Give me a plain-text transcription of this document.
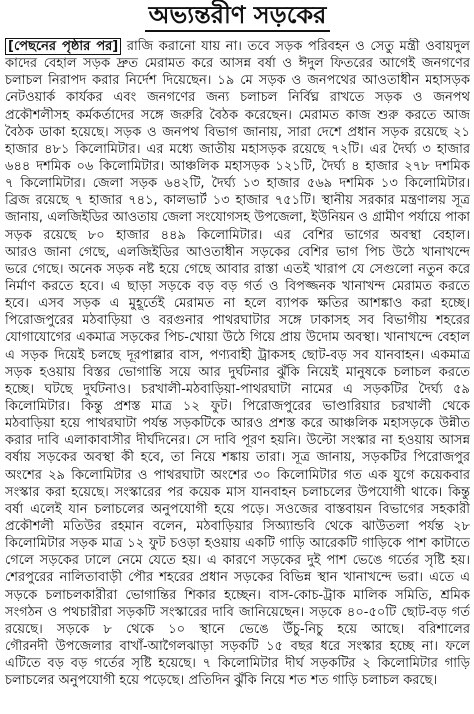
অভ্যন্তরীণ সড়কের
[পেছনের পৃষ্ঠার পর] রাজি করানো যায় না। তবে সড়ক পরিবহন ও সেতু মন্ত্রী ওবায়দুল
কাদের বেহাল সড়ক দ্রুত মেরামত করে আসন্ন বর্ষা ও ঈদুল ফিতরের আগেই জনগণের
চলাচল নিরাপদ করার নির্দেশ দিয়েছেন। ১৯ মে সড়ক ও জনপথের আওতাধীন মহাসড়ক
নেটওয়ার্ক কার্যকর এবং জনগণের জন্য চলাচল নির্বিঘ্ন রাখতে সড়ক ও জনপথ
প্রকৌশলীসহ কর্মকর্তাদের সঙ্গে জরুরি বৈঠক করেছেন। মেরামত কাজ শুরু করতে আজ
বৈঠক ডাকা হয়েছে। সড়ক ও জনপথ বিভাগ জানায়, সারা দেশে প্রধান সড়ক রয়েছে ২১
হাজার ৪৮১ কিলোমিটার। এর মধ্যে জাতীয় মহাসড়ক রয়েছে ৭২টি। এর দৈর্ঘ্য ৩ হাজার
৬৪৪ দশমিক ০৬ কিলোমিটার। আঞ্চলিক মহাসড়ক ১২১টি, দৈর্ঘ্য ৪ হাজার ২৭৮ দশমিক
৭ কিলোমিটার। জেলা সড়ক ৬৪২টি, দৈর্ঘ্য ১৩ হাজার ৫৬৯ দশমিক ১৩ কিলোমিটার।
ব্রিজ রয়েছে ৭ হাজার ৭৪১, কালভার্ট ১৩ হাজার ৭৫১টি। স্থানীয় সরকার মন্ত্রণালয় সূত্র
জানায়, এলজিইডির আওতায় জেলা সংযোগসহ উপজেলা, ইউনিয়ন ও গ্রামীণ পর্যায়ে পাকা
সড়ক রয়েছে ৮০ হাজার ৪৪৯ কিলোমিটার। এর বেশির ভাগের অবস্থা বেহাল।
আরও জানা গেছে, এলজিইডির আওতাধীন সড়কের বেশির ভাগ পিচ উঠে খানাখন্দে
ভরে গেছে। অনেক সড়ক নষ্ট হয়ে গেছে আবার রাস্তা এতই খারাপ যে সেগুলো নতুন করে
নির্মাণ করতে হবে। এ ছাড়া সড়কে বড় বড় গর্ত ও বিপজ্জনক খানাখন্দ মেরামত করতে
হবে। এসব সড়ক এ মুহূর্তেই মেরামত না হলে ব্যাপক ক্ষতির আশঙ্কাও করা হচ্ছে।
পিরোজপুরের মঠবাড়িয়া ও বরগুনার পাথরঘাটার সঙ্গে ঢাকাসহ সব বিভাগীয় শহরের
যোগাযোগের একমাত্র সড়কের পিচ-খোয়া উঠে গিয়ে প্রায় উদোম অবস্থা। খানাখন্দে বেহাল
এ সড়ক দিয়েই চলছে দূরপাল্লার বাস, পণ্যবাহী ট্রাকসহ ছোট-বড় সব যানবাহন। একমাত্র
সড়ক হওয়ায় বিস্তর ভোগান্তি সয়ে আর দুর্ঘটনার ঝুঁকি নিয়েই মানুষকে চলাচল করতে
হচ্ছে। ঘটছে দুর্ঘটনাও। চরখালী-মঠবাড়িয়া-পাথরঘাটা নামের এ সড়কটির দৈর্ঘ্য ৫৯
কিলোমিটার। কিন্তু প্রশস্ত মাত্র ১২ ফুট। পিরোজপুরের ভাণ্ডারিয়ার চরখালী থেকে
মঠবাড়িয়া হয়ে পাথরঘাটা পর্যন্ত সড়কটিকে আরও প্রশস্ত করে আঞ্চলিক মহাসড়কে উন্নীত
করার দাবি এলাকাবাসীর দীর্ঘদিনের। সে দাবি পূরণ হয়নি। উল্টো সংস্কার না হওয়ায় আসন্ন
বর্ষায় সড়কের অবস্থা কী হবে, তা নিয়ে শঙ্কায় তারা। সূত্র জানায়, সড়কটির পিরোজপুর
অংশের ২৯ কিলোমিটার ও পাথরঘাটা অংশের ৩০ কিলোমিটার গত এক যুগে কয়েকবার
সংস্কার করা হয়েছে। সংস্কারের পর কয়েক মাস যানবাহন চলাচলের উপযোগী থাকে। কিন্তু
বর্ষা এলেই যান চলাচলের অনুপযোগী হয়ে পড়ে। সওজের বাস্তবায়ন বিভাগের সহকারী
প্রকৌশলী মতিউর রহমান বলেন, মঠবাড়িয়ার সিঅ্যান্ডবি থেকে ঝাউতলা পর্যন্ত ২৮
কিলোমিটার সড়ক মাত্র ১২ ফুট চওড়া হওয়ায় একটি গাড়ি আরেকটি গাড়িকে পাশ কাটাতে
গেলে সড়কের ঢালে নেমে যেতে হয়। এ কারণে সড়কের দুই পাশ ভেঙে গর্তের সৃষ্টি হয়।
শেরপুরের নালিতাবাড়ী পৌর শহরের প্রধান সড়কের বিভিন্ন স্থান খানাখন্দে ভরা। এতে এ
সড়কে চলাচলকারীরা ভোগান্তির শিকার হচ্ছেন। বাস-কোচ-ট্রাক মালিক সমিতি, শ্রমিক
সংগঠন ও পথচারীরা সড়কটি সংস্কারের দাবি জানিয়েছেন। সড়কে ৪০-৫০টি ছোট-বড় গর্ত
রয়েছে। সড়কে ৮ থেকে ১০ স্থানে ভেঙে উঁচু-নিচু হয়ে আছে। বরিশালের
গৌরনদী উপজেলার বাখাঁ-আগৈলঝাড়া সড়কটি ১৫ বছর ধরে সংস্কার হচ্ছে না। ফলে
এটিতে বড় বড় গর্তের সৃষ্টি হয়েছে। ৭ কিলোমিটার দীর্ঘ সড়কটির ২ কিলোমিটার গাড়ি
চলাচলের অনুপযোগী হয়ে পড়েছে। প্রতিদিন ঝুঁকি নিয়ে শত শত গাড়ি চলাচল করছে।
